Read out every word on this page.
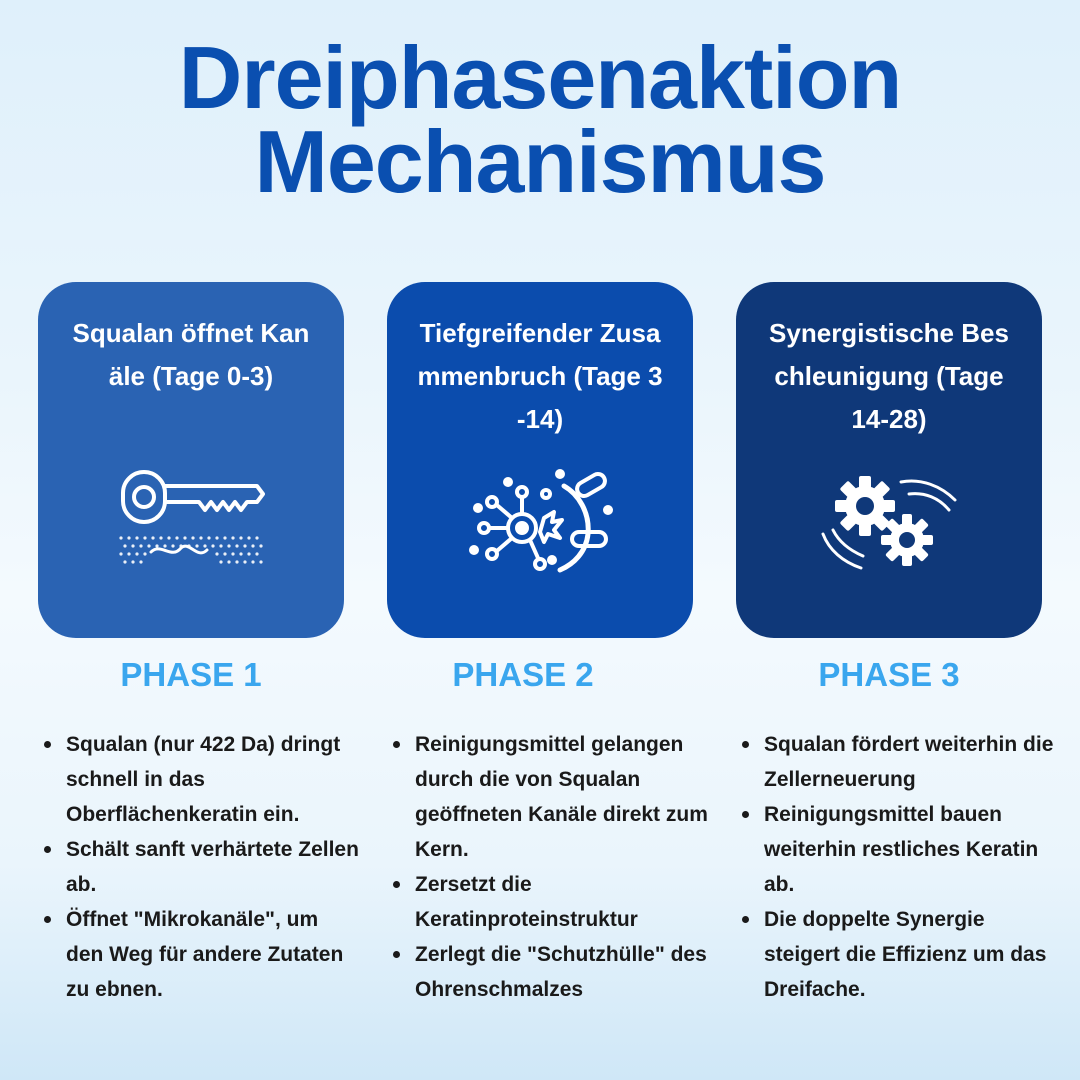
Dreiphasenaktion
Mechanismus
Squalan öffnet Kanäle (Tage 0-3)
Tiefgreifender Zusammenbruch (Tage 3-14)
Synergistische Beschleunigung (Tage 14-28)
PHASE 1	PHASE 2	PHASE 3
Squalan (nur 422 Da) dringt schnell in das Oberflächenkeratin ein.
Schält sanft verhärtete Zellen ab.
Öffnet "Mikrokanäle", um den Weg für andere Zutaten zu ebnen.
Reinigungsmittel gelangen durch die von Squalan geöffneten Kanäle direkt zum Kern.
Zersetzt die Keratinproteinstruktur
Zerlegt die "Schutzhülle" des Ohrenschmalzes
Squalan fördert weiterhin die Zellerneuerung
Reinigungsmittel bauen weiterhin restliches Keratin ab.
Die doppelte Synergie steigert die Effizienz um das Dreifache.
